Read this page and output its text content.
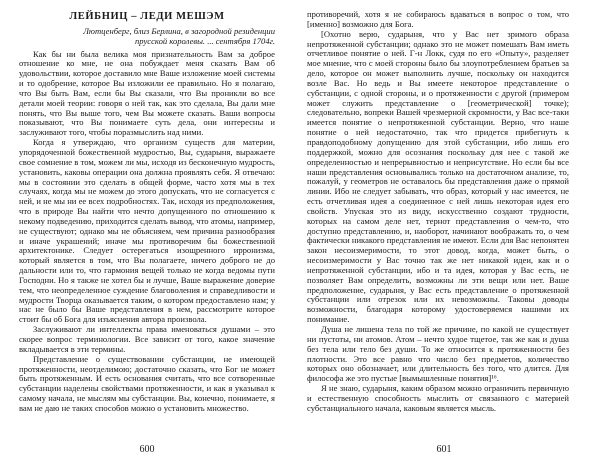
ЛЕЙБНИЦ – ЛЕДИ МЕШЭМ
Лютценберг, близ Берлина, в загородной резиденции прусской королевы. ... сентября 1704г.

Как бы ни была велика моя признательность Вам за доброе отношение ко мне, не она побуждает меня сказать Вам об удовольствии, которое доставило мне Ваше изложение моей системы и то одобрение, которое Вы изложили ее правильно. Но я полагаю, что Вы быть Вам, если бы Вы сказали, что Вы проникли во все детали моей теории: говоря о ней так, как это сделала, Вы дали мне понять, что Вы выше того, чем Вы можете сказать. Ваши вопросы показывают, что Вы понимаете суть дела, они интересны и заслуживают того, чтобы поразмыслить над ними.

Когда я утверждаю, что организм существ для материи, упорядоченной божественной мудростью, Вы, сударыня, выражаете свое сомнение в том, можем ли мы, исходя из бесконечную мудрость, установить, каковы операции она должна проявлять себя. Я отвечаю: мы в состоянии это сделать в общей форме, часто хотя мы в тех случаях, когда мы не можем до этого допускать, что не согласуется с ней, и не мы ни ее всех подробностях. Так, исходя из предположения, что в природе Вы найти что нечто допущенного по отношению к некому подведению, приходится сделать вывод, что атомы, например, не существуют; однако мы не объясняем, чем причина разнообразия и иначе украшений; иначе мы противоречим бы божественной архитектонике. Следует остерегаться изощренного ирронизма, который является в том, что Вы полагаете, ничего доброго не до дальности или то, что гармония вещей только не когда ведомы пути Господни. Но я также не хотел бы и лучше, Ваше выражение доверие тем, что неопределенное суждение благоволения и справедливости и мудрости Творца оказывается таким, о котором предоставлено нам; у нас не было бы Ваше представления в нем, рассмотрите которое стоит бы об Бога для изъяснения автора произвола.

Заслуживают ли интеллекты права именоваться душами – это скорее вопрос терминологии. Все зависит от того, какое значение вкладывается в эти термины.

Представление о существовании субстанции, не имеющей протяженности, неотделимою; достаточно сказать, что Бог не может быть протяженным. И есть основания считать, что все сотворенные субстанции наделены свойствами протяженности, и как я указывал к самому начала, не мыслям мы субстанции. Вы, конечно, понимаете, я вам не даю не таких способов можно о установить множество.

600

противоречий, хотя я не собираюсь вдаваться в вопрос о том, что [именно] возможно для Бога.

[Охотно верю, сударыня, что у Вас нет зримого образа непротяженной субстанции; однако это не может помешать Вам иметь отчетливое понятие о ней. Г-н Локк, судя по его «Опыту», разделяет мое мнение, что с моей стороны было бы злоупотреблением братьев за дело, которое он может выполнить лучше, поскольку он находится возле Вас. Но ведь и Вы имеете некоторое представление о субстанции, с одной стороны, и о протяженности с другой (примером может служить представление о [геометрической] точке); следовательно, вопреки Вашей чрезмерной скромности, у Вас все-таки имеется понятие о непротяженной субстанции. Верно, что наше понятие о ней недостаточно, так что придется прибегнуть к правдоподобному допущению для этой субстанции, ибо лишь его поддержкой, можно для осознания поскольку для нее с такой же определенностью и непрерывностью и неприсутствие. Но если бы все наши представления основывались только на достаточном анализе, то, пожалуй, у геометров не оставалось бы представления даже о прямой линии. Ибо не следует забывать, что образ, который у нас имеется, не есть отчетливая идея а соединенное с ней лишь некоторая идея его свойств. Упуская это из виду, искусственно создают трудности, которых на самом деле нет, тернот представления о чем-то, что доступно представлению, и, наоборот, начинают воображать то, о чем фактически никакого представления не имеют. Если для Вас непонятен закон несоизмеримости, то этот довод, когда, может быть, о несоизмеримости у Вас точно так же нет никакой идеи, как и о непротяженной субстанции, ибо и та идея, которая у Вас есть, не позволяет Вам определить, возможны ли эти вещи или нет. Ваше предположение, сударыня, у Вас есть представление о протяженной субстанции или отрезок или их невозможны. Таковы доводы возможности, благодаря которому удостоверяемся нашими их понимание.

Душа не лишена тела по той же причине, по какой не существует ни пустоты, ни атомов. Атом – нечто худое тщетое, так же как и душа без тела или тело без души. То же относится к протяженности без плотности. Это все равно что число без предметов, количество которых оно обозначает, или длительность без того, что длится. Для философа же это пустые [вымышленные понятия]¹⁶.

Я не знаю, сударыня, каким образом можно ограничить первичную и естественную способность мыслить от связанного с материей субстанциального начала, каковым является мысль.

601
